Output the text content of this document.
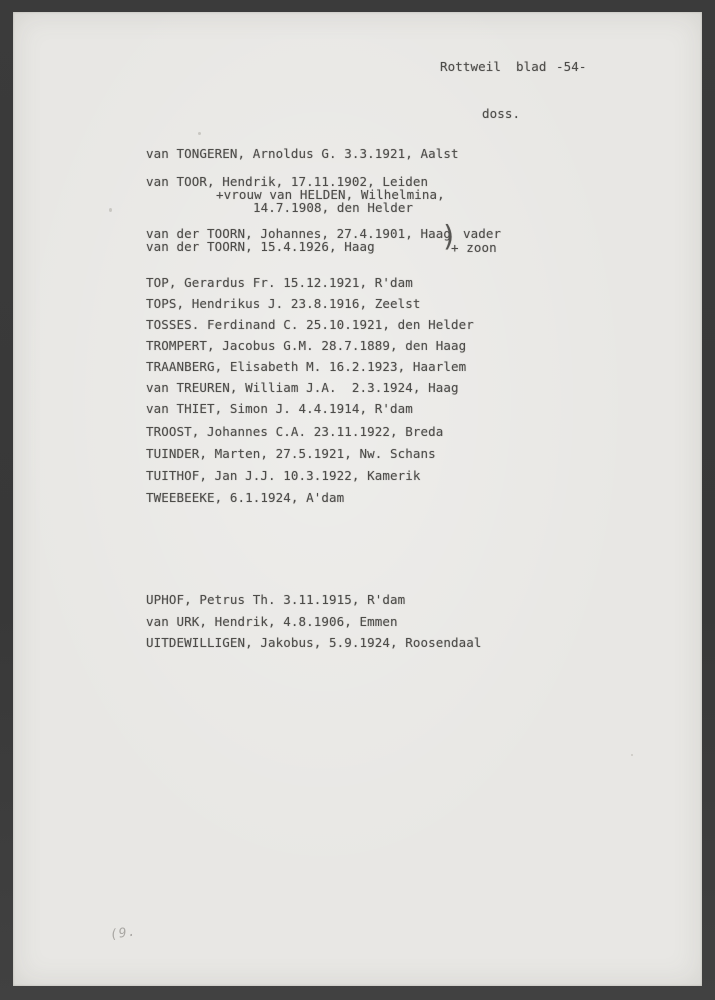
Rottweil blad -54-
doss.
van TONGEREN, Arnoldus G. 3.3.1921, Aalst
van TOOR, Hendrik, 17.11.1902, Leiden
+vrouw van HELDEN, Wilhelmina,
14.7.1908, den Helder
van der TOORN, Johannes, 27.4.1901, Haag
van der TOORN, 15.4.1926, Haag ) vader
+ zoon
TOP, Gerardus Fr. 15.12.1921, R'dam
TOPS, Hendrikus J. 23.8.1916, Zeelst
TOSSES. Ferdinand C. 25.10.1921, den Helder
TROMPERT, Jacobus G.M. 28.7.1889, den Haag
TRAANBERG, Elisabeth M. 16.2.1923, Haarlem
van TREUREN, William J.A.  2.3.1924, Haag
van THIET, Simon J. 4.4.1914, R'dam
TROOST, Johannes C.A. 23.11.1922, Breda
TUINDER, Marten, 27.5.1921, Nw. Schans
TUITHOF, Jan J.J. 10.3.1922, Kamerik
TWEEBEEKE, 6.1.1924, A'dam
UPHOF, Petrus Th. 3.11.1915, R'dam
van URK, Hendrik, 4.8.1906, Emmen
UITDEWILLIGEN, Jakobus, 5.9.1924, Roosendaal
(9.
